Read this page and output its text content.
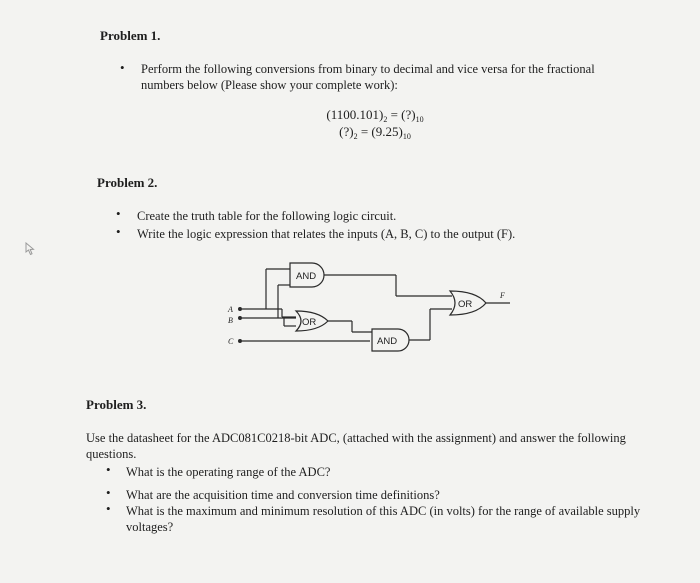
Problem 1.
• Perform the following conversions from binary to decimal and vice versa for the fractional numbers below (Please show your complete work):
$(1100.101)_2$ = $(?)_{10}$
$(?)_2 = (9.25)_{10}$
Problem 2.
• Create the truth table for the following logic circuit.
• Write the logic expression that relates the inputs (A, B, C) to the output (F).
AND
OR
AND
OR
A
B
C
F
Problem 3.
Use the datasheet for the ADC081C0218-bit ADC, (attached with the assignment) and answer the following questions.
• What is the operating range of the ADC?
• What are the acquisition time and conversion time definitions?
• What is the maximum and minimum resolution of this ADC (in volts) for the range of available supply voltages?
